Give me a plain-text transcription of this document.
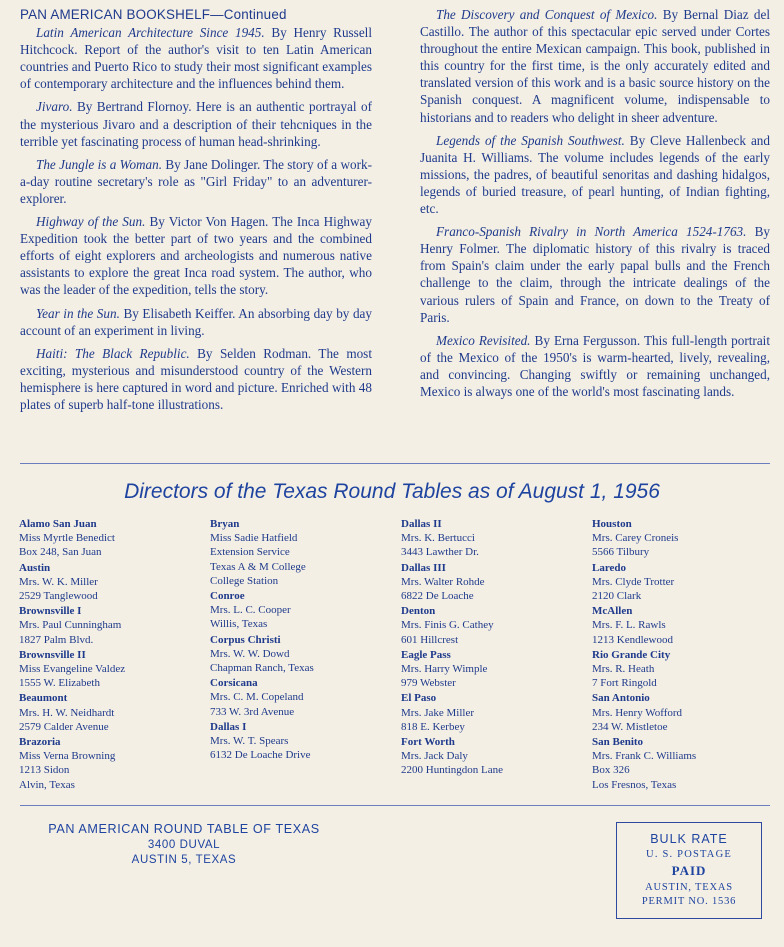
PAN AMERICAN BOOKSHELF—Continued
Latin American Architecture Since 1945. By Henry Russell Hitchcock. Report of the author's visit to ten Latin American countries and Puerto Rico to study their most significant examples of contemporary architecture and the influences behind them.
Jivaro. By Bertrand Flornoy. Here is an authentic portrayal of the mysterious Jivaro and a description of their tehcniques in the terrible yet fascinating process of human head-shrinking.
The Jungle is a Woman. By Jane Dolinger. The story of a work-a-day routine secretary's role as "Girl Friday" to an adventurer-explorer.
Highway of the Sun. By Victor Von Hagen. The Inca Highway Expedition took the better part of two years and the combined efforts of eight explorers and archeologists and numerous native assistants to explore the great Inca road system. The author, who was the leader of the expedition, tells the story.
Year in the Sun. By Elisabeth Keiffer. An absorbing day by day account of an experiment in living.
Haiti: The Black Republic. By Selden Rodman. The most exciting, mysterious and misunderstood country of the Western hemisphere is here captured in word and picture. Enriched with 48 plates of superb half-tone illustrations.
The Discovery and Conquest of Mexico. By Bernal Diaz del Castillo. The author of this spectacular epic served under Cortes throughout the entire Mexican campaign. This book, published in this country for the first time, is the only accurately edited and translated version of this work and is a basic source history on the Spanish conquest. A magnificent volume, indispensable to historians and to readers who delight in sheer adventure.
Legends of the Spanish Southwest. By Cleve Hallenbeck and Juanita H. Williams. The volume includes legends of the early missions, the padres, of beautiful senoritas and dashing hidalgos, legends of buried treasure, of pearl hunting, of Indian fighting, etc.
Franco-Spanish Rivalry in North America 1524-1763. By Henry Folmer. The diplomatic history of this rivalry is traced from Spain's claim under the early papal bulls and the French challenge to the claim, through the intricate dealings of the various rulers of Spain and France, on down to the Treaty of Paris.
Mexico Revisited. By Erna Fergusson. This full-length portrait of the Mexico of the 1950's is warm-hearted, lively, revealing, and convincing. Changing swiftly or remaining unchanged, Mexico is always one of the world's most fascinating lands.
Directors of the Texas Round Tables as of August 1, 1956
Alamo San Juan
Miss Myrtle Benedict
Box 248, San Juan
Austin
Mrs. W. K. Miller
2529 Tanglewood
Brownsville I
Mrs. Paul Cunningham
1827 Palm Blvd.
Brownsville II
Miss Evangeline Valdez
1555 W. Elizabeth
Beaumont
Mrs. H. W. Neidhardt
2579 Calder Avenue
Brazoria
Miss Verna Browning
1213 Sidon
Alvin, Texas
Bryan
Miss Sadie Hatfield
Extension Service
Texas A & M College
College Station
Conroe
Mrs. L. C. Cooper
Willis, Texas
Corpus Christi
Mrs. W. W. Dowd
Chapman Ranch, Texas
Corsicana
Mrs. C. M. Copeland
733 W. 3rd Avenue
Dallas I
Mrs. W. T. Spears
6132 De Loache Drive
Dallas II
Mrs. K. Bertucci
3443 Lawther Dr.
Dallas III
Mrs. Walter Rohde
6822 De Loache
Denton
Mrs. Finis G. Cathey
601 Hillcrest
Eagle Pass
Mrs. Harry Wimple
979 Webster
El Paso
Mrs. Jake Miller
818 E. Kerbey
Fort Worth
Mrs. Jack Daly
2200 Huntingdon Lane
Houston
Mrs. Carey Croneis
5566 Tilbury
Laredo
Mrs. Clyde Trotter
2120 Clark
McAllen
Mrs. F. L. Rawls
1213 Kendlewood
Rio Grande City
Mrs. R. Heath
7 Fort Ringold
San Antonio
Mrs. Henry Wofford
234 W. Mistletoe
San Benito
Mrs. Frank C. Williams
Box 326
Los Fresnos, Texas
PAN AMERICAN ROUND TABLE OF TEXAS
3400 DUVAL
AUSTIN 5, TEXAS
BULK RATE
U. S. POSTAGE
PAID
AUSTIN, TEXAS
PERMIT NO. 1536
